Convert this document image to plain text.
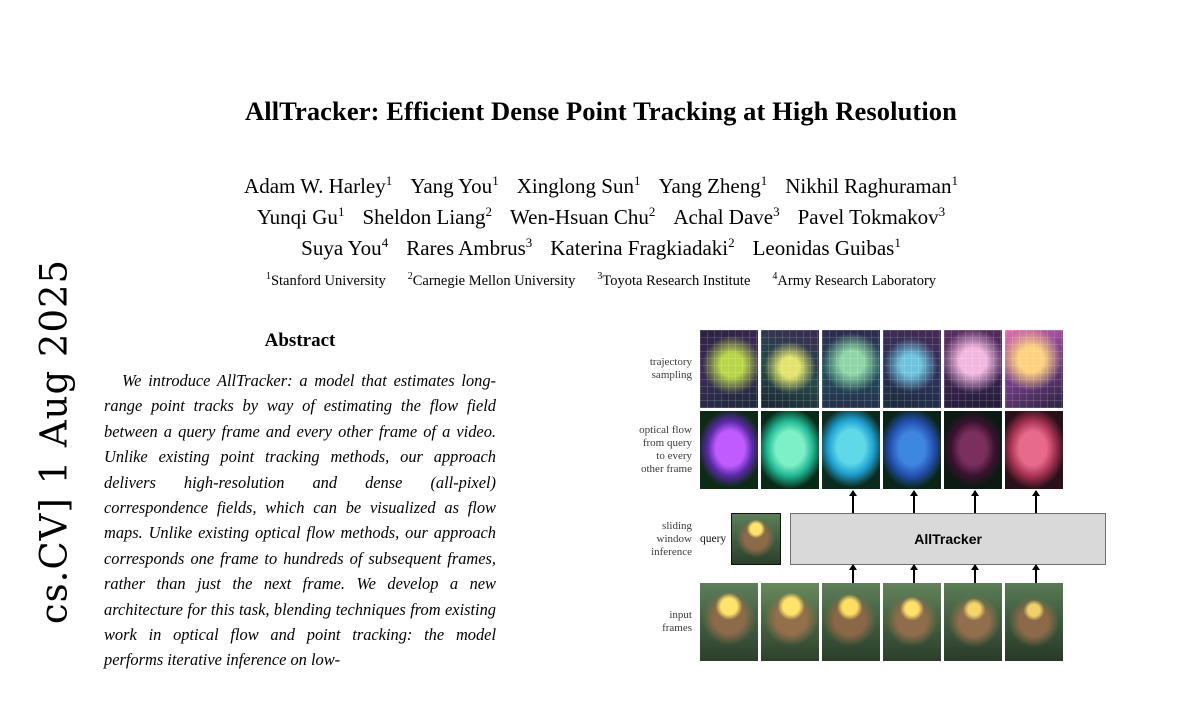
cs.CV] 1 Aug 2025
AllTracker: Efficient Dense Point Tracking at High Resolution
Adam W. Harley$^1$ Yang You$^1$ Xinglong Sun$^1$ Yang Zheng$^1$ Nikhil Raghuraman$^1$
Yunqi Gu$^1$ Sheldon Liang$^2$ Wen-Hsuan Chu$^2$ Achal Dave$^3$ Pavel Tokmakov$^3$
Suya You$^4$ Rares Ambrus$^3$ Katerina Fragkiadaki$^2$ Leonidas Guibas$^1$
$^1$Stanford University $^2$Carnegie Mellon University $^3$Toyota Research Institute $^4$Army Research Laboratory
Abstract
We introduce AllTracker: a model that estimates long-range point tracks by way of estimating the flow field between a query frame and every other frame of a video. Unlike existing point tracking methods, our approach delivers high-resolution and dense (all-pixel) correspondence fields, which can be visualized as flow maps. Unlike existing optical flow methods, our approach corresponds one frame to hundreds of subsequent frames, rather than just the next frame. We develop a new architecture for this task, blending techniques from existing work in optical flow and point tracking: the model performs iterative inference on low-
trajectory
sampling
optical flow
from query
to every
other frame
sliding
window
inference
query	AllTracker
input
frames
